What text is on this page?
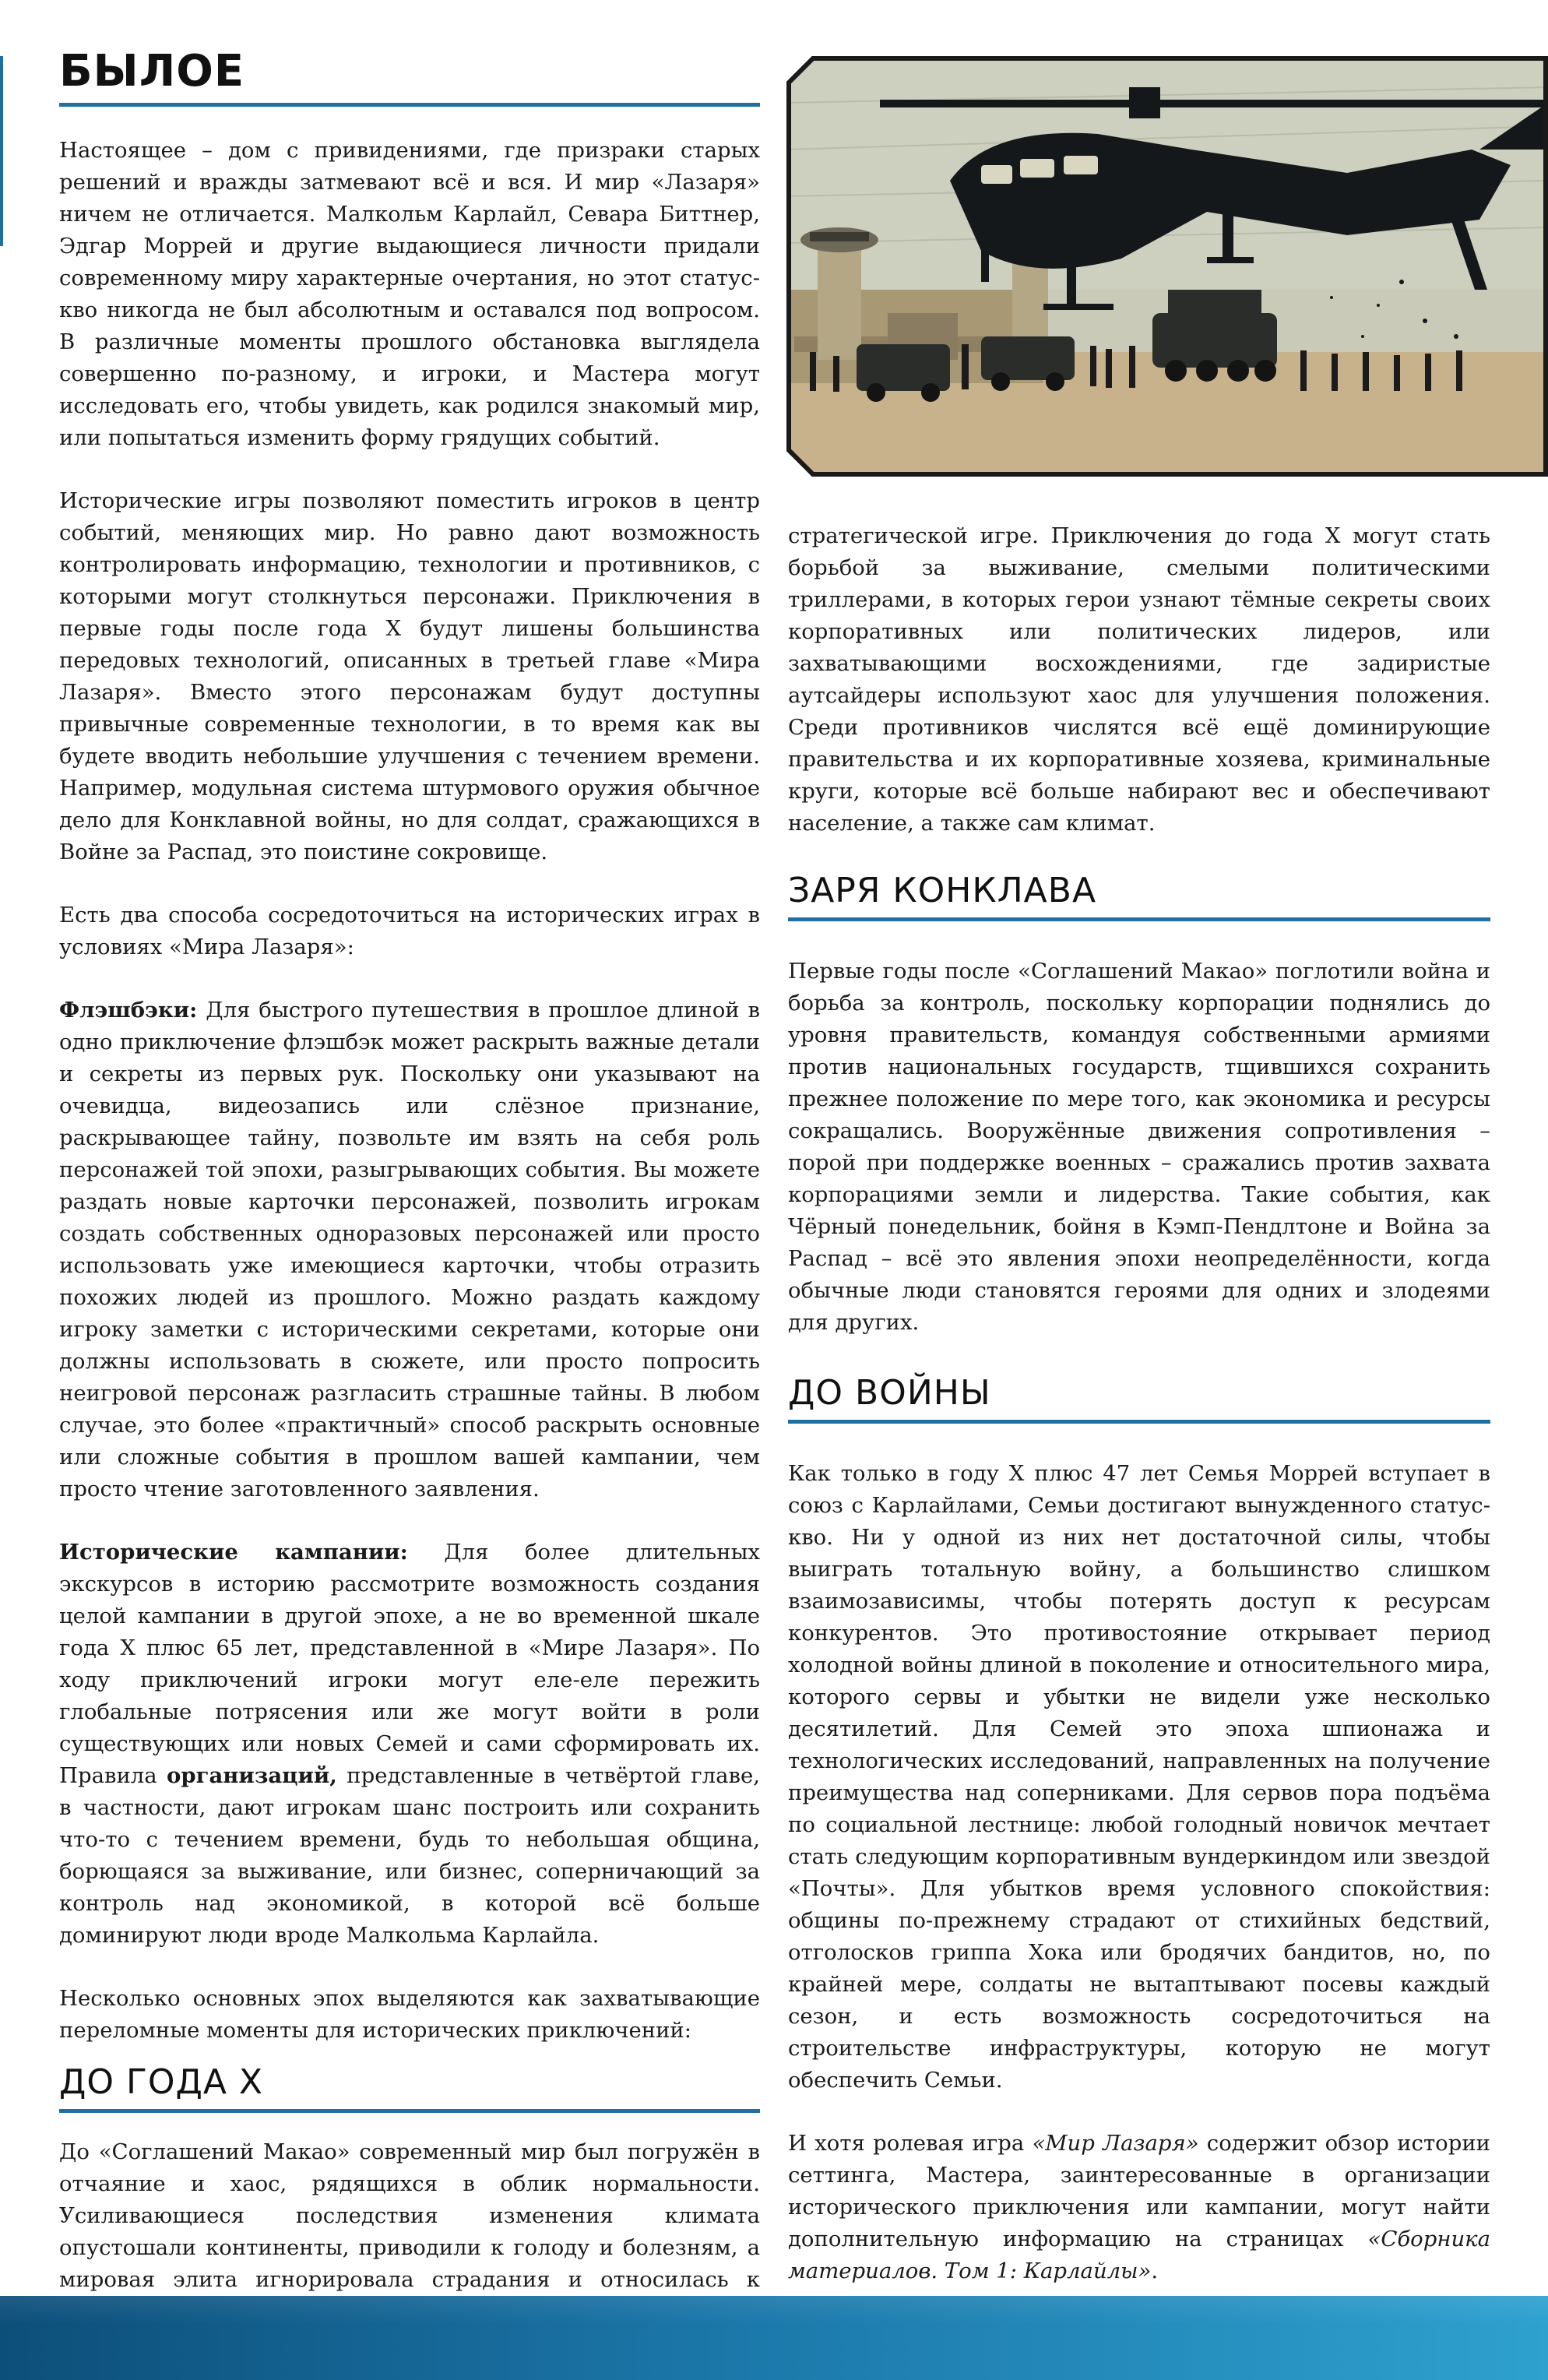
БЫЛОЕ

Настоящее – дом с привидениями, где призраки старых решений и вражды затмевают всё и вся. И мир «Лазаря» ничем не отличается. Малкольм Карлайл, Севара Биттнер, Эдгар Моррей и другие выдающиеся личности придали современному миру характерные очертания, но этот статус-кво никогда не был абсолютным и оставался под вопросом. В различные моменты прошлого обстановка выглядела совершенно по-разному, и игроки, и Мастера могут исследовать его, чтобы увидеть, как родился знакомый мир, или попытаться изменить форму грядущих событий.

Исторические игры позволяют поместить игроков в центр событий, меняющих мир. Но равно дают возможность контролировать информацию, технологии и противников, с которыми могут столкнуться персонажи. Приключения в первые годы после года Х будут лишены большинства передовых технологий, описанных в третьей главе «Мира Лазаря». Вместо этого персонажам будут доступны привычные современные технологии, в то время как вы будете вводить небольшие улучшения с течением времени. Например, модульная система штурмового оружия обычное дело для Конклавной войны, но для солдат, сражающихся в Войне за Распад, это поистине сокровище.

Есть два способа сосредоточиться на исторических играх в условиях «Мира Лазаря»:

Флэшбэки: Для быстрого путешествия в прошлое длиной в одно приключение флэшбэк может раскрыть важные детали и секреты из первых рук. Поскольку они указывают на очевидца, видеозапись или слёзное признание, раскрывающее тайну, позвольте им взять на себя роль персонажей той эпохи, разыгрывающих события. Вы можете раздать новые карточки персонажей, позволить игрокам создать собственных одноразовых персонажей или просто использовать уже имеющиеся карточки, чтобы отразить похожих людей из прошлого. Можно раздать каждому игроку заметки с историческими секретами, которые они должны использовать в сюжете, или просто попросить неигровой персонаж разгласить страшные тайны. В любом случае, это более «практичный» способ раскрыть основные или сложные события в прошлом вашей кампании, чем просто чтение заготовленного заявления.

Исторические кампании: Для более длительных экскурсов в историю рассмотрите возможность создания целой кампании в другой эпохе, а не во временной шкале года Х плюс 65 лет, представленной в «Мире Лазаря». По ходу приключений игроки могут еле-еле пережить глобальные потрясения или же могут войти в роли существующих или новых Семей и сами сформировать их. Правила организаций, представленные в четвёртой главе, в частности, дают игрокам шанс построить или сохранить что-то с течением времени, будь то небольшая община, борющаяся за выживание, или бизнес, соперничающий за контроль над экономикой, в которой всё больше доминируют люди вроде Малкольма Карлайла.

Несколько основных эпох выделяются как захватывающие переломные моменты для исторических приключений:

ДО ГОДА Х

До «Соглашений Макао» современный мир был погружён в отчаяние и хаос, рядящихся в облик нормальности. Усиливающиеся последствия изменения климата опустошали континенты, приводили к голоду и болезням, а мировая элита игнорировала страдания и относилась к

стратегической игре. Приключения до года Х могут стать борьбой за выживание, смелыми политическими триллерами, в которых герои узнают тёмные секреты своих корпоративных или политических лидеров, или захватывающими восхождениями, где задиристые аутсайдеры используют хаос для улучшения положения. Среди противников числятся всё ещё доминирующие правительства и их корпоративные хозяева, криминальные круги, которые всё больше набирают вес и обеспечивают население, а также сам климат.

ЗАРЯ КОНКЛАВА

Первые годы после «Соглашений Макао» поглотили война и борьба за контроль, поскольку корпорации поднялись до уровня правительств, командуя собственными армиями против национальных государств, тщившихся сохранить прежнее положение по мере того, как экономика и ресурсы сокращались. Вооружённые движения сопротивления – порой при поддержке военных – сражались против захвата корпорациями земли и лидерства. Такие события, как Чёрный понедельник, бойня в Кэмп-Пендлтоне и Война за Распад – всё это явления эпохи неопределённости, когда обычные люди становятся героями для одних и злодеями для других.

ДО ВОЙНЫ

Как только в году Х плюс 47 лет Семья Моррей вступает в союз с Карлайлами, Семьи достигают вынужденного статус-кво. Ни у одной из них нет достаточной силы, чтобы выиграть тотальную войну, а большинство слишком взаимозависимы, чтобы потерять доступ к ресурсам конкурентов. Это противостояние открывает период холодной войны длиной в поколение и относительного мира, которого сервы и убытки не видели уже несколько десятилетий. Для Семей это эпоха шпионажа и технологических исследований, направленных на получение преимущества над соперниками. Для сервов пора подъёма по социальной лестнице: любой голодный новичок мечтает стать следующим корпоративным вундеркиндом или звездой «Почты». Для убытков время условного спокойствия: общины по-прежнему страдают от стихийных бедствий, отголосков гриппа Хока или бродячих бандитов, но, по крайней мере, солдаты не вытаптывают посевы каждый сезон, и есть возможность сосредоточиться на строительстве инфраструктуры, которую не могут обеспечить Семьи.

И хотя ролевая игра «Мир Лазаря» содержит обзор истории сеттинга, Мастера, заинтересованные в организации исторического приключения или кампании, могут найти дополнительную информацию на страницах «Сборника материалов. Том 1: Карлайлы».
